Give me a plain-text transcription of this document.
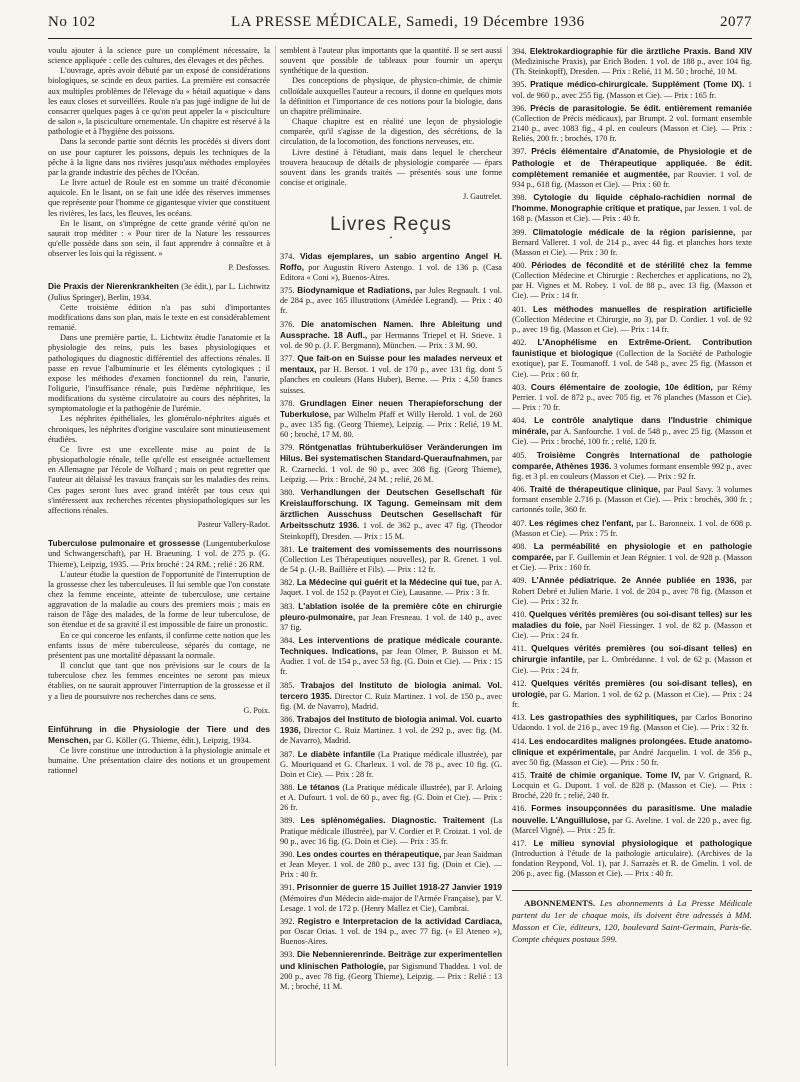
No 102	LA PRESSE MÉDICALE, Samedi, 19 Décembre 1936	2077

voulu ajouter à la science pure un complément nécessaire, la science appliquée : celle des cultures, des élevages et des pêches.

L'ouvrage, après avoir débuté par un exposé de considérations biologiques, se scinde en deux parties. La première est consacrée aux multiples problèmes de l'élevage du « bétail aquatique » dans les eaux closes et surveillées. Roule n'a pas jugé indigne de lui de consacrer quelques pages à ce qu'on peut appeler la « pisciculture de salon », la pisciculture ornementale. Un chapitre est réservé à la pathologie et à l'hygiène des poissons.

Dans la seconde partie sont décrits les procédés si divers dont on use pour capturer les poissons, depuis les techniques de la pêche à la ligne dans nos rivières jusqu'aux méthodes employées par la grande industrie des pêches de l'Océan.

Le livre actuel de Roule est en somme un traité d'économie aquicole. En le lisant, on se fait une idée des réserves immenses que représente pour l'homme ce gigantesque vivier que constituent les rivières, les lacs, les fleuves, les océans.

En le lisant, on s'imprègne de cette grande vérité qu'on ne saurait trop méditer : « Pour tirer de la Nature les ressources qu'elle possède dans son sein, il faut apprendre à connaître et à observer les lois qui la régissent. »

P. Desfosses.

Die Praxis der Nierenkrankheiten (3e édit.), par L. Lichtwitz (Julius Springer), Berlin, 1934.

Cette troisième édition n'a pas subi d'importantes modifications dans son plan, mais le texte en est considérablement remanié.

Dans une première partie, L. Lichtwitz étudie l'anatomie et la physiologie des reins, puis les bases physiologiques et pathologiques du diagnostic différentiel des affections rénales. Il passe en revue l'albuminurie et les éléments cytologiques ; il expose les méthodes d'examen fonctionnel du rein, l'anurie, l'oligurie, l'insuffisance rénale, puis l'œdème néphritique, les modifications du système circulatoire au cours des néphrites, la symptomatologie et la pathogénie de l'urémie.

Les néphrites épithéliales, les glomérulo-néphrites aiguës et chroniques, les néphrites d'origine vasculaire sont minutieusement étudiées.

Ce livre est une excellente mise au point de la physiopathologie rénale, telle qu'elle est enseignée actuellement en Allemagne par l'école de Volhard ; mais on peut regretter que l'auteur ait délaissé les travaux français sur les maladies des reins. Ces pages seront lues avec grand intérêt par tous ceux qui s'intéressent aux recherches récentes physiopathologiques sur les affections rénales.

Pasteur Vallery-Radot.

Tuberculose pulmonaire et grossesse (Lungentuberkulose und Schwangerschaft), par H. Braeuning. 1 vol. de 275 p. (G. Thieme), Leipzig, 1935. — Prix broché : 24 RM. ; relié : 26 RM.

L'auteur étudie la question de l'opportunité de l'interruption de la grossesse chez les tuberculeuses. Il lui semble que l'on constate chez la femme enceinte, atteinte de tuberculose, une certaine aggravation de la maladie au cours des premiers mois ; mais en raison de l'âge des malades, de la forme de leur tuberculose, de son étendue et de sa gravité il est impossible de faire un pronostic.

En ce qui concerne les enfants, il confirme cette notion que les enfants issus de mère tuberculeuse, séparés du contage, ne présentent pas une mortalité dépassant la normale.

Il conclut que tant que nos prévisions sur le cours de la tuberculose chez les femmes enceintes ne seront pas mieux établies, on ne saurait approuver l'interruption de la grossesse et il y a lieu de poursuivre nos recherches dans ce sens.

G. Poix.

Einführung in die Physiologie der Tiere und des Menschen, par G. Köller (G. Thieme, édit.), Leipzig, 1934.

Ce livre constitue une introduction à la physiologie animale et humaine. Une présentation claire des notions et un groupement rationnel

semblent à l'auteur plus importants que la quantité. Il se sert aussi souvent que possible de tableaux pour fournir un aperçu synthétique de la question.

Des conceptions de physique, de physico-chimie, de chimie colloïdale auxquelles l'auteur a recours, il donne en quelques mots la définition et l'importance de ces notions pour la biologie, dans un chapitre préliminaire.

Chaque chapitre est en réalité une leçon de physiologie comparée, qu'il s'agisse de la digestion, des sécrétions, de la circulation, de la locomotion, des fonctions nerveuses, etc.

Livre destiné à l'étudiant, mais dans lequel le chercheur trouvera beaucoup de détails de physiologie comparée — épars souvent dans les grands traités — présentés sous une forme concise et originale.

J. Gautrelet.
Livres Reçus
•
374. Vidas ejemplares, un sabio argentino Angel H. Roffo, por Augustin Rivero Astengo. 1 vol. de 136 p. (Casa Editora « Coni »), Buenos-Aires.
375. Biodynamique et Radiations, par Jules Regnault. 1 vol. de 284 p., avec 165 illustrations (Amédée Legrand). — Prix : 40 fr.
376. Die anatomischen Namen. Ihre Ableitung und Aussprache. 18 Aufl., par Hermanns Triepel et H. Stieve. 1 vol. de 90 p. (J. F. Bergmann), München. — Prix : 3 M. 90.
377. Que fait-on en Suisse pour les malades nerveux et mentaux, par H. Bersot. 1 vol. de 170 p., avec 131 fig. dont 5 planches en couleurs (Hans Huber), Berne. — Prix : 4,50 francs suisses.
378. Grundlagen Einer neuen Therapieforschung der Tuberkulose, par Wilhelm Pfaff et Willy Herold. 1 vol. de 260 p., avec 135 fig. (Georg Thieme), Leipzig. — Prix : Relié, 19 M. 60 ; broché, 17 M. 80.
379. Röntgenatlas frühtuberkulöser Veränderungen im Hilus. Bei systematischen Standard-Queraufnahmen, par R. Czarnecki. 1 vol. de 90 p., avec 308 fig. (Georg Thieme), Leipzig. — Prix : Broché, 24 M. ; relié, 26 M.
380. Verhandlungen der Deutschen Gesellschaft für Kreislaufforschung. IX Tagung. Gemeinsam mit dem ärztlichen Ausschuss Deutschen Gesellschaft für Arbeitsschutz 1936. 1 vol. de 362 p., avec 47 fig. (Theodor Steinkopff), Dresden. — Prix : 15 M.
381. Le traitement des vomissements des nourrissons (Collection Les Thérapeutiques nouvelles), par R. Grenet. 1 vol. de 54 p. (J.-B. Baillière et Fils). — Prix : 12 fr.
382. La Médecine qui guérit et la Médecine qui tue, par A. Jaquet. 1 vol. de 152 p. (Payot et Cie), Lausanne. — Prix : 3 fr.
383. L'ablation isolée de la première côte en chirurgie pleuro-pulmonaire, par Jean Fresneau. 1 vol. de 140 p., avec 37 fig.
384. Les interventions de pratique médicale courante. Techniques. Indications, par Jean Olmer, P. Buisson et M. Audier. 1 vol. de 154 p., avec 53 fig. (G. Doin et Cie). — Prix : 15 fr.
385. Trabajos del Instituto de biologia animal. Vol. tercero 1935. Director C. Ruiz Martinez. 1 vol. de 150 p., avec fig. (M. de Navarro), Madrid.
386. Trabajos del Instituto de biologia animal. Vol. cuarto 1936, Director C. Ruiz Martinez. 1 vol. de 292 p., avec fig. (M. de Navarro), Madrid.
387. Le diabète infantile (La Pratique médicale illustrée), par G. Mouriquand et G. Charleux. 1 vol. de 78 p., avec 10 fig. (G. Doin et Cie). — Prix : 28 fr.
388. Le tétanos (La Pratique médicale illustrée), par F. Arloing et A. Dufourt. 1 vol. de 60 p., avec fig. (G. Doin et Cie). — Prix : 26 fr.
389. Les splénomégalies. Diagnostic. Traitement (La Pratique médicale illustrée), par V. Cordier et P. Croizat. 1 vol. de 90 p., avec 16 fig. (G. Doin et Cie). — Prix : 35 fr.
390. Les ondes courtes en thérapeutique, par Jean Saidman et Jean Meyer. 1 vol. de 280 p., avec 131 fig. (Doin et Cie). — Prix : 40 fr.
391. Prisonnier de guerre 15 Juillet 1918-27 Janvier 1919 (Mémoires d'un Médecin aide-major de l'Armée Française), par V. Lesage. 1 vol. de 172 p. (Henry Mallez et Cie), Cambrai.
392. Registro e Interpretacion de la actividad Cardiaca, por Oscar Orias. 1 vol. de 194 p., avec 77 fig. (« El Ateneo »), Buenos-Aires.
393. Die Nebennierenrinde. Beiträge zur experimentellen und klinischen Pathologie, par Sigismund Thaddea. 1 vol. de 200 p., avec 78 fig. (Georg Thieme), Leipzig. — Prix : Relié : 13 M. ; broché, 11 M.
394. Elektrokardiographie für die ärztliche Praxis. Band XIV (Medizinische Praxis), par Erich Boden. 1 vol. de 188 p., avec 104 fig. (Th. Steinkopff), Dresden. — Prix : Relié, 11 M. 50 ; broché, 10 M.
395. Pratique médico-chirurgicale. Supplément (Tome IX). 1 vol. de 960 p., avec 255 fig. (Masson et Cie). — Prix : 165 fr.
396. Précis de parasitologie. 5e édit. entièrement remaniée (Collection de Précis médicaux), par Brumpt. 2 vol. formant ensemble 2140 p., avec 1083 fig., 4 pl. en couleurs (Masson et Cie). — Prix : Reliés, 200 fr. ; brochés, 170 fr.
397. Précis élémentaire d'Anatomie, de Physiologie et de Pathologie et de Thérapeutique appliquée. 8e édit. complètement remaniée et augmentée, par Rouvier. 1 vol. de 934 p., 618 fig. (Masson et Cie). — Prix : 60 fr.
398. Cytologie du liquide céphalo-rachidien normal de l'homme. Monographie critique et pratique, par Jessen. 1 vol. de 168 p. (Masson et Cie). — Prix : 40 fr.
399. Climatologie médicale de la région parisienne, par Bernard Valleret. 1 vol. de 214 p., avec 44 fig. et planches hors texte (Masson et Cie). — Prix : 30 fr.
400. Périodes de fécondité et de stérilité chez la femme (Collection Médecine et Chirurgie : Recherches et applications, no 2), par H. Vignes et M. Robey. 1 vol. de 88 p., avec 13 fig. (Masson et Cie). — Prix : 14 fr.
401. Les méthodes manuelles de respiration artificielle (Collection Médecine et Chirurgie, no 3), par D. Cordier. 1 vol. de 92 p., avec 19 fig. (Masson et Cie). — Prix : 14 fr.
402. L'Anophélisme en Extrême-Orient. Contribution faunistique et biologique (Collection de la Société de Pathologie exotique), par E. Toumanoff. 1 vol. de 548 p., avec 25 fig. (Masson et Cie). — Prix : 60 fr.
403. Cours élémentaire de zoologie, 10e édition, par Rémy Perrier. 1 vol. de 872 p., avec 705 fig. et 76 planches (Masson et Cie). — Prix : 70 fr.
404. Le contrôle analytique dans l'Industrie chimique minérale, par A. Sanfourche. 1 vol. de 548 p., avec 25 fig. (Masson et Cie). — Prix : broché, 100 fr. ; relié, 120 fr.
405. Troisième Congrès International de pathologie comparée, Athènes 1936. 3 volumes formant ensemble 992 p., avec fig. et 3 pl. en couleurs (Masson et Cie). — Prix : 92 fr.
406. Traité de thérapeutique clinique, par Paul Savy. 3 volumes formant ensemble 2.716 p. (Masson et Cie). — Prix : brochés, 300 fr. ; cartonnés toile, 360 fr.
407. Les régimes chez l'enfant, par L. Baronneix. 1 vol. de 608 p. (Masson et Cie). — Prix : 75 fr.
408. La perméabilité en physiologie et en pathologie comparée, par F. Guillemin et Jean Régnier. 1 vol. de 928 p. (Masson et Cie). — Prix : 160 fr.
409. L'Année pédiatrique. 2e Année publiée en 1936, par Robert Debré et Julien Marie. 1 vol. de 204 p., avec 78 fig. (Masson et Cie). — Prix : 32 fr.
410. Quelques vérités premières (ou soi-disant telles) sur les maladies du foie, par Noël Fiessinger. 1 vol. de 82 p. (Masson et Cie). — Prix : 24 fr.
411. Quelques vérités premières (ou soi-disant telles) en chirurgie infantile, par L. Ombrédanne. 1 vol. de 62 p. (Masson et Cie). — Prix : 24 fr.
412. Quelques vérités premières (ou soi-disant telles), en urologie, par G. Marion. 1 vol. de 62 p. (Masson et Cie). — Prix : 24 fr.
413. Les gastropathies des syphilitiques, par Carlos Bonorino Udaondo. 1 vol. de 216 p., avec 19 fig. (Masson et Cie). — Prix : 32 fr.
414. Les endocardites malignes prolongées. Etude anatomo-clinique et expérimentale, par André Jacquelin. 1 vol. de 356 p., avec 50 fig. (Masson et Cie). — Prix : 50 fr.
415. Traité de chimie organique. Tome IV, par V. Grignard, R. Locquin et G. Dupont. 1 vol. de 828 p. (Masson et Cie). — Prix : Broché, 220 fr. ; relié, 240 fr.
416. Formes insoupçonnées du parasitisme. Une maladie nouvelle. L'Anguillulose, par G. Aveline. 1 vol. de 220 p., avec fig. (Marcel Vigné). — Prix : 25 fr.
417. Le milieu synovial physiologique et pathologique (Introduction à l'étude de la pathologie articulaire). (Archives de la fondation Reypond, Vol. 1), par J. Sarrazès et R. de Gmelin. 1 vol. de 206 p., avec fig. (Masson et Cie). — Prix : 40 fr.

ABONNEMENTS. Les abonnements à La Presse Médicale partent du 1er de chaque mois, ils doivent être adressés à MM. Masson et Cie, éditeurs, 120, boulevard Saint-Germain, Paris-6e. Compte chèques postaux 599.
